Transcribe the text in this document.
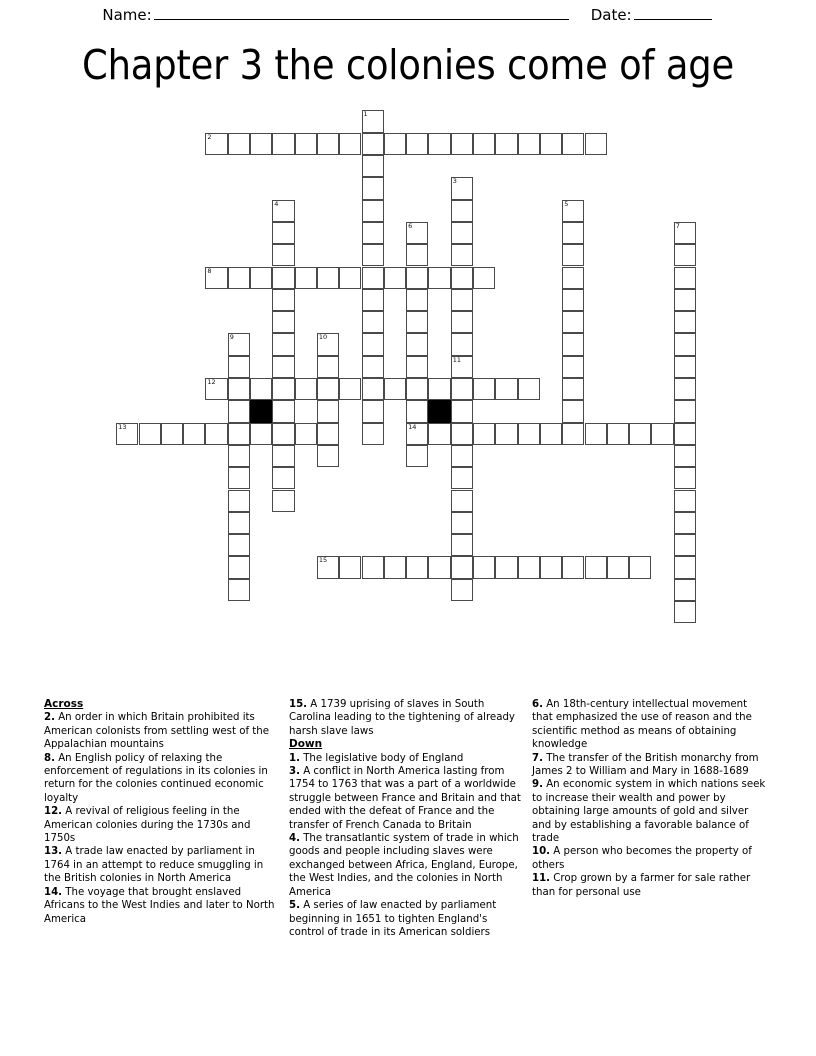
Name:	Date:
Chapter 3 the colonies come of age
1
2
3
11
4	5
6
14
7
8
9	10
12
13
15
Across

2. An order in which Britain prohibited its American colonists from settling west of the Appalachian mountains

8. An English policy of relaxing the enforcement of regulations in its colonies in return for the colonies continued economic loyalty

12. A revival of religious feeling in the American colonies during the 1730s and 1750s

13. A trade law enacted by parliament in 1764 in an attempt to reduce smuggling in the British colonies in North America

14. The voyage that brought enslaved Africans to the West Indies and later to North America

15. A 1739 uprising of slaves in South Carolina leading to the tightening of already harsh slave laws

Down

1. The legislative body of England

3. A conflict in North America lasting from 1754 to 1763 that was a part of a worldwide struggle between France and Britain and that ended with the defeat of France and the transfer of French Canada to Britain

4. The transatlantic system of trade in which goods and people including slaves were exchanged between Africa, England, Europe, the West Indies, and the colonies in North America

5. A series of law enacted by parliament beginning in 1651 to tighten England's control of trade in its American soldiers

6. An 18th-century intellectual movement that emphasized the use of reason and the scientific method as means of obtaining knowledge

7. The transfer of the British monarchy from James 2 to William and Mary in 1688-1689

9. An economic system in which nations seek to increase their wealth and power by obtaining large amounts of gold and silver and by establishing a favorable balance of trade

10. A person who becomes the property of others

11. Crop grown by a farmer for sale rather than for personal use
